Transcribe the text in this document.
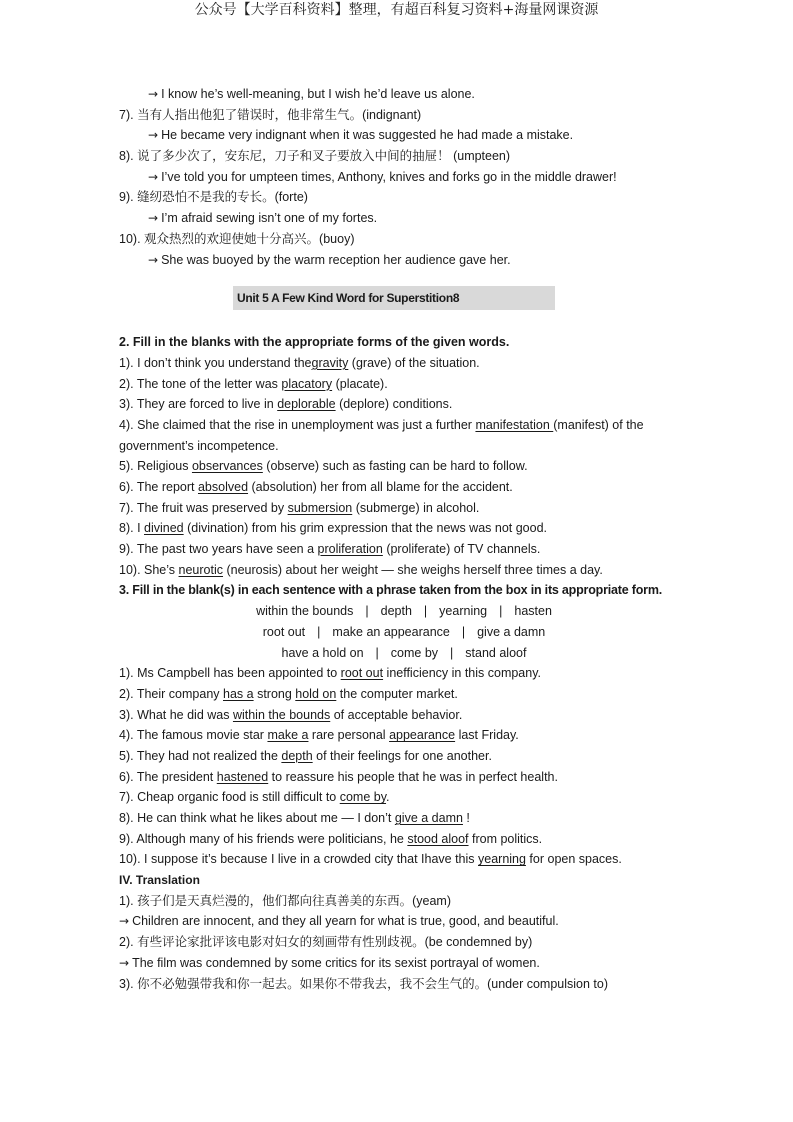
公众号【大学百科资料】整理，有超百科复习资料+海量网课资源
→ I know he’s well-meaning, but I wish he’d leave us alone.
7). 当有人指出他犯了错误时，他非常生气。(indignant)
→ He became very indignant when it was suggested he had made a mistake.
8). 说了多少次了，安东尼，刀子和叉子要放入中间的抽屉！ (umpteen)
→ I’ve told you for umpteen times, Anthony, knives and forks go in the middle drawer!
9). 缝纫恐怕不是我的专长。(forte)
→ I’m afraid sewing isn’t one of my fortes.
10). 观众热烈的欢迎使她十分高兴。(buoy)
→ She was buoyed by the warm reception her audience gave her.
Unit 5 A Few Kind Word for Superstition8
2. Fill in the blanks with the appropriate forms of the given words.
1). I don’t think you understand thegravity (grave) of the situation.
2). The tone of the letter was placatory (placate).
3). They are forced to live in deplorable (deplore) conditions.
4). She claimed that the rise in unemployment was just a further manifestation (manifest) of the
government’s incompetence.
5). Religious observances (observe) such as fasting can be hard to follow.
6). The report absolved (absolution) her from all blame for the accident.
7). The fruit was preserved by submersion (submerge) in alcohol.
8). I divined (divination) from his grim expression that the news was not good.
9). The past two years have seen a proliferation (proliferate) of TV channels.
10). She’s neurotic (neurosis) about her weight — she weighs herself three times a day.
3. Fill in the blank(s) in each sentence with a phrase taken from the box in its appropriate form.
within the bounds | depth | yearning | hasten
root out | make an appearance | give a damn
have a hold on | come by | stand aloof
1). Ms Campbell has been appointed to root out inefficiency in this company.
2). Their company has a strong hold on the computer market.
3). What he did was within the bounds of acceptable behavior.
4). The famous movie star make a rare personal appearance last Friday.
5). They had not realized the depth of their feelings for one another.
6). The president hastened to reassure his people that he was in perfect health.
7). Cheap organic food is still difficult to come by.
8). He can think what he likes about me — I don’t give a damn !
9). Although many of his friends were politicians, he stood aloof from politics.
10). I suppose it’s because I live in a crowded city that Ihave this yearning for open spaces.
IV. Translation
1). 孩子们是天真烂漫的，他们都向往真善美的东西。(yeam)
→ Children are innocent, and they all yearn for what is true, good, and beautiful.
2). 有些评论家批评该电影对妇女的刻画带有性别歧视。(be condemned by)
→ The film was condemned by some critics for its sexist portrayal of women.
3). 你不必勉强带我和你一起去。如果你不带我去，我不会生气的。(under compulsion to)
